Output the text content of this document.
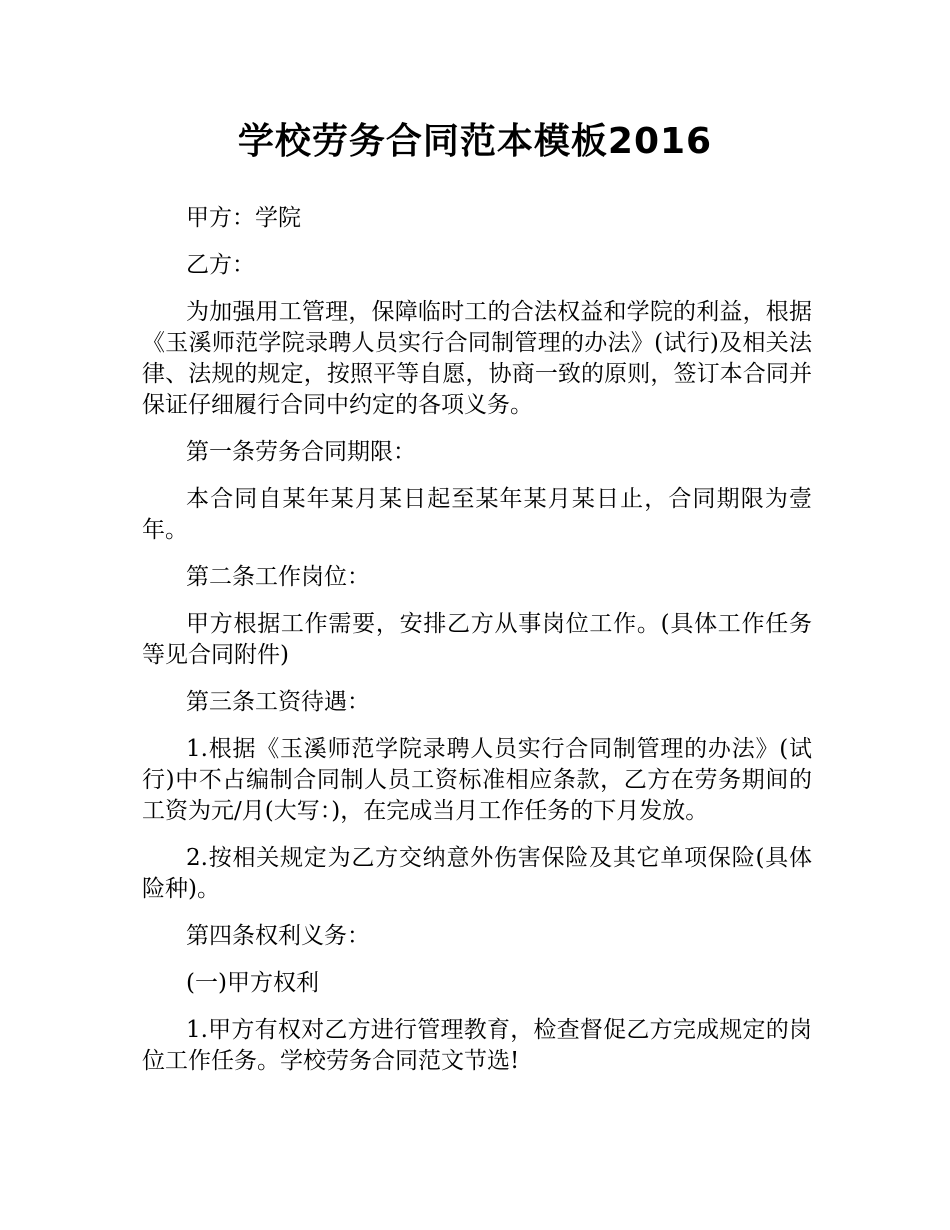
学校劳务合同范本模板2016

甲方：学院

乙方：

为加强用工管理，保障临时工的合法权益和学院的利益，根据《玉溪师范学院录聘人员实行合同制管理的办法》(试行)及相关法律、法规的规定，按照平等自愿，协商一致的原则，签订本合同并保证仔细履行合同中约定的各项义务。

第一条劳务合同期限：

本合同自某年某月某日起至某年某月某日止，合同期限为壹年。

第二条工作岗位：

甲方根据工作需要，安排乙方从事岗位工作。(具体工作任务等见合同附件)

第三条工资待遇：

1.根据《玉溪师范学院录聘人员实行合同制管理的办法》(试行)中不占编制合同制人员工资标准相应条款，乙方在劳务期间的工资为元/月(大写：)，在完成当月工作任务的下月发放。

2.按相关规定为乙方交纳意外伤害保险及其它单项保险(具体险种)。

第四条权利义务：

(一)甲方权利

1.甲方有权对乙方进行管理教育，检查督促乙方完成规定的岗位工作任务。学校劳务合同范文节选!
